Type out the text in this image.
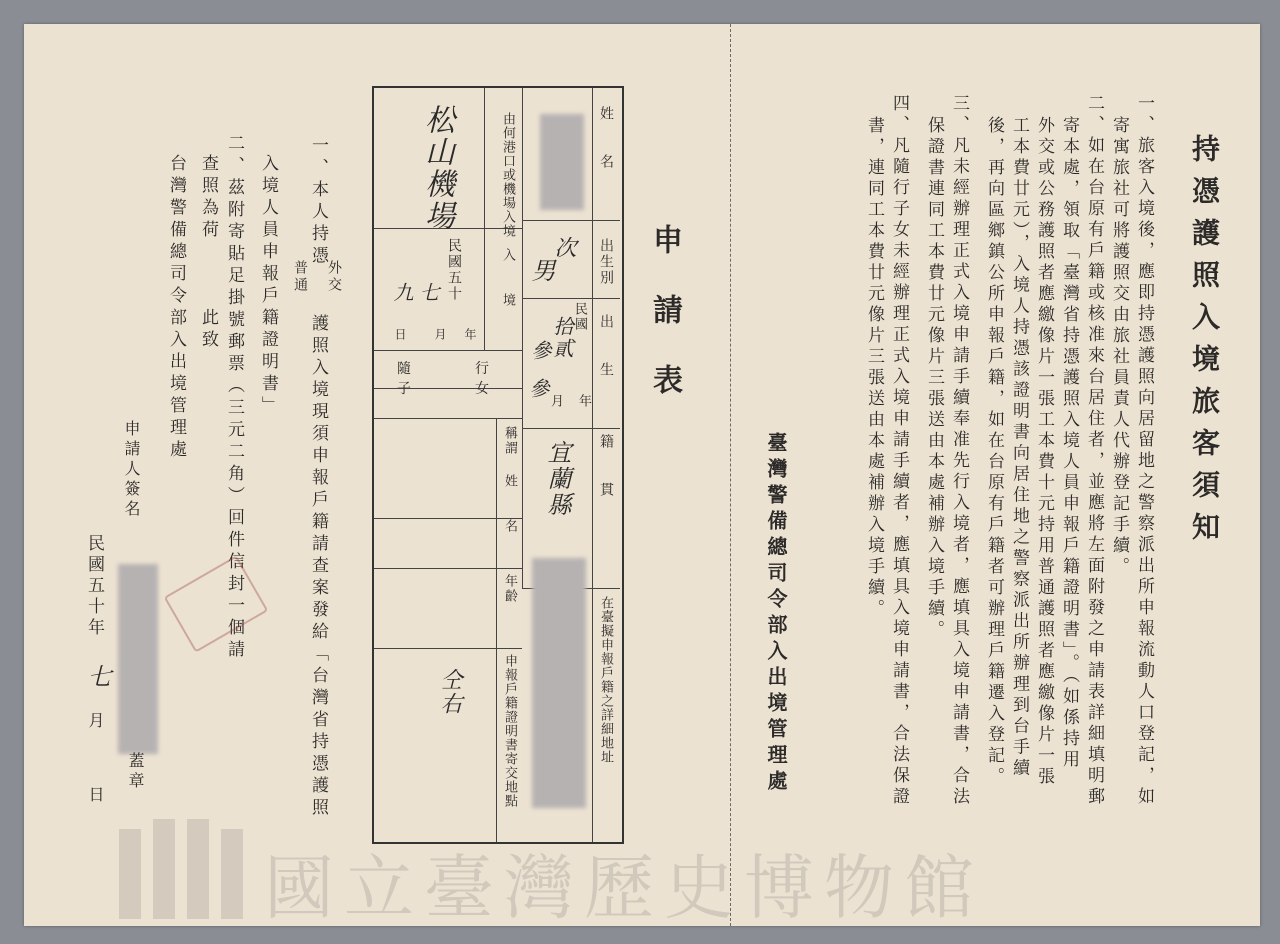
國立臺灣歷史博物館
持憑護照入境旅客須知
一、旅客入境後，應即持憑護照向居留地之警察派出所申報流動人口登記，如
寄寓旅社可將護照交由旅社員責人代辦登記手續。
二、如在台原有戶籍或核准來台居住者，並應將左面附發之申請表詳細填明郵
寄本處，領取「臺灣省持憑護照入境人員申報戶籍證明書」。（如係持用
外交或公務護照者應繳像片一張工本費十元持用普通護照者應繳像片一張
工本費廿元），入境人持憑該證明書向居住地之警察派出所辦理到台手續
後，再向區鄉鎮公所申報戶籍，如在台原有戶籍者可辦理戶籍遷入登記。
三、凡未經辦理正式入境申請手續奉准先行入境者，應填具入境申請書，合法
保證書連同工本費廿元像片三張送由本處補辦入境手續。
四、凡隨行子女未經辦理正式入境申請手續者，應填具入境申請書，合法保證
書，連同工本費廿元像片三張送由本處補辦入境手續。
臺灣警備總司令部入出境管理處
申請表
姓　　名
出生別
出　　生
籍　　貫
在臺擬申報戶籍之詳細地址
次
男
民國
拾貳
年
參
月
參
宜蘭縣
由何港口或機場入境
松山機場
入　　境
民國五十
年
月
日
七
九
隨　　行　　子　　女
稱謂
姓　　名
年齡
申報戶籍證明書寄交地點
仝右
一、本人持憑
外交
普通
護照入境現須申報戶籍請查案發給「台灣省持憑護照
入境人員申報戶籍證明書」
二、茲附寄貼足掛號郵票（三元二角）回件信封一個請
查照為荷　　　此致
台灣警備總司令部入出境管理處
申請人簽名
蓋章
民國
五十年
七
月
日
